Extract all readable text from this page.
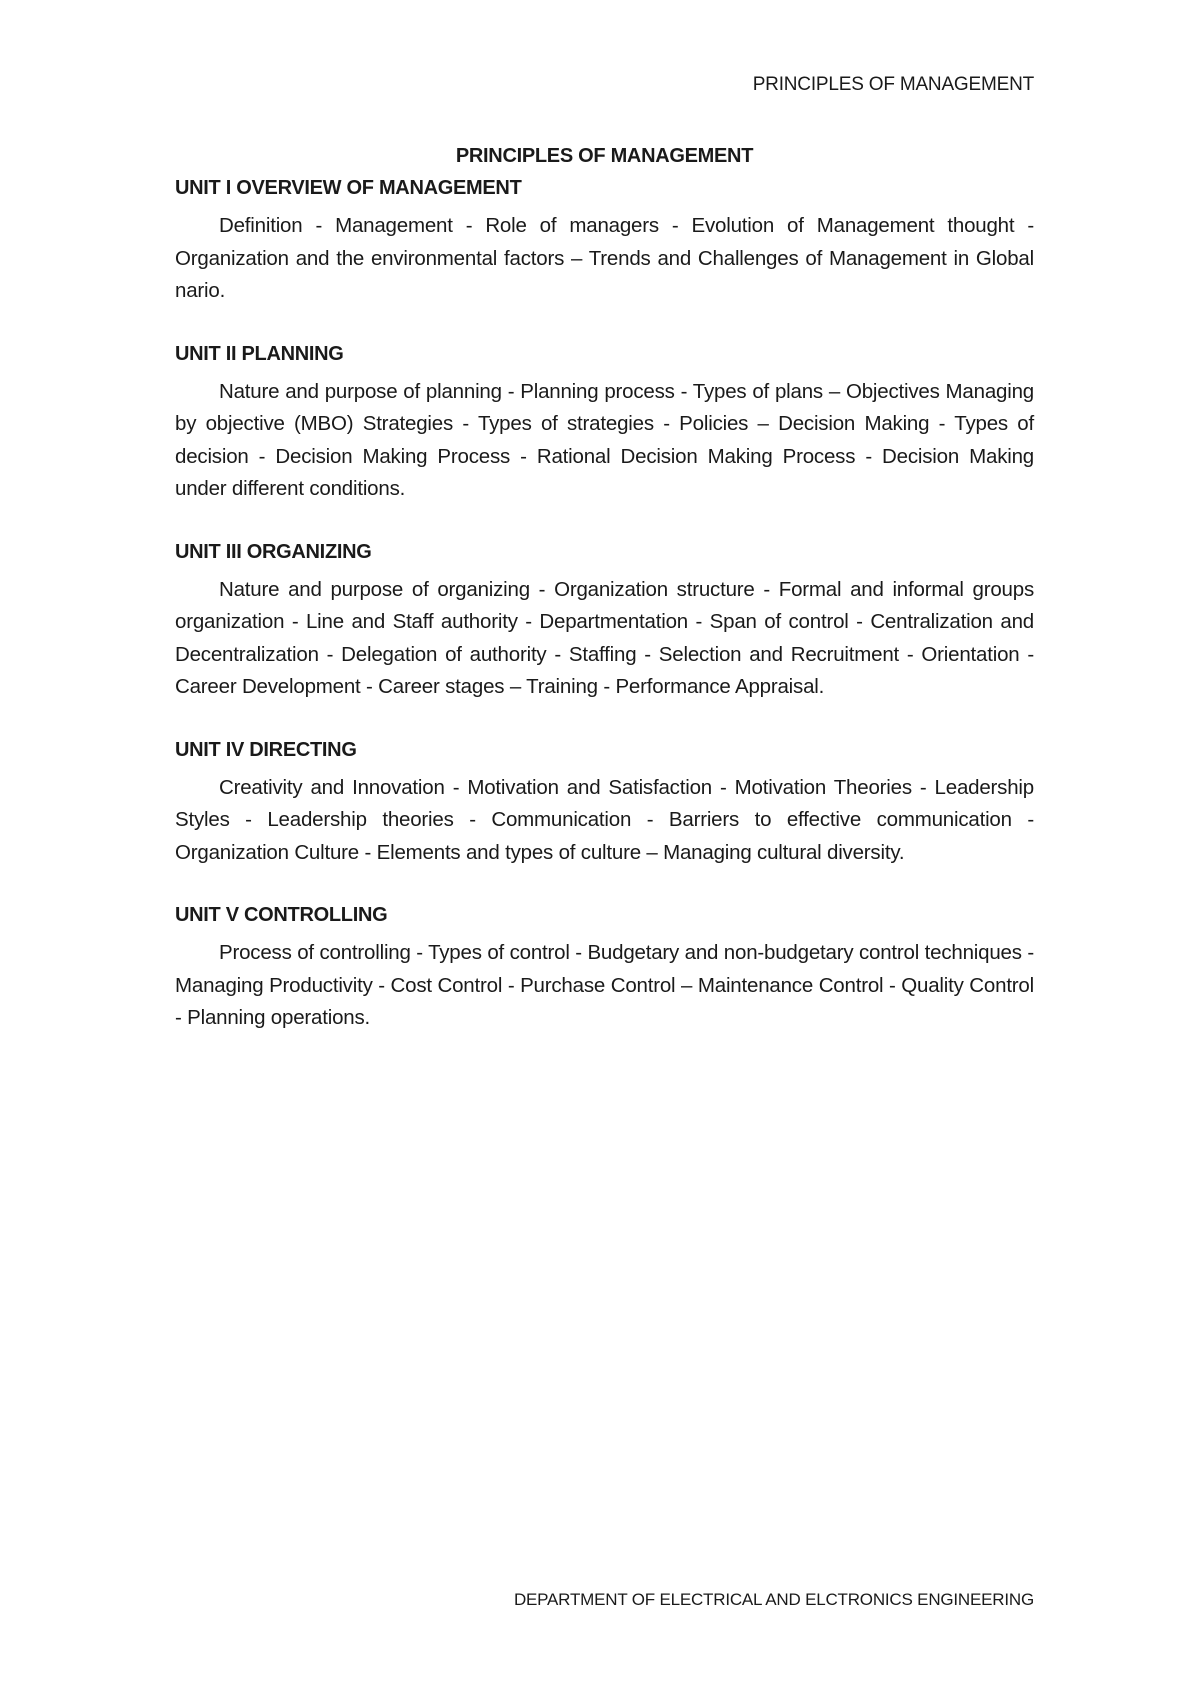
PRINCIPLES OF MANAGEMENT
PRINCIPLES OF MANAGEMENT
UNIT I OVERVIEW OF MANAGEMENT

Definition - Management - Role of managers - Evolution of Management thought - Organization and the environmental factors – Trends and Challenges of Management in Global nario.

UNIT II PLANNING

Nature and purpose of planning - Planning process - Types of plans – Objectives Managing by objective (MBO) Strategies - Types of strategies - Policies – Decision Making - Types of decision - Decision Making Process - Rational Decision Making Process - Decision Making under different conditions.

UNIT III ORGANIZING

Nature and purpose of organizing - Organization structure - Formal and informal groups organization - Line and Staff authority - Departmentation - Span of control - Centralization and Decentralization - Delegation of authority - Staffing - Selection and Recruitment - Orientation - Career Development - Career stages – Training - Performance Appraisal.

UNIT IV DIRECTING

Creativity and Innovation - Motivation and Satisfaction - Motivation Theories - Leadership Styles - Leadership theories - Communication - Barriers to effective communication - Organization Culture - Elements and types of culture – Managing cultural diversity.

UNIT V CONTROLLING

Process of controlling - Types of control - Budgetary and non-budgetary control techniques - Managing Productivity - Cost Control - Purchase Control – Maintenance Control - Quality Control - Planning operations.

DEPARTMENT OF ELECTRICAL AND ELCTRONICS ENGINEERING
